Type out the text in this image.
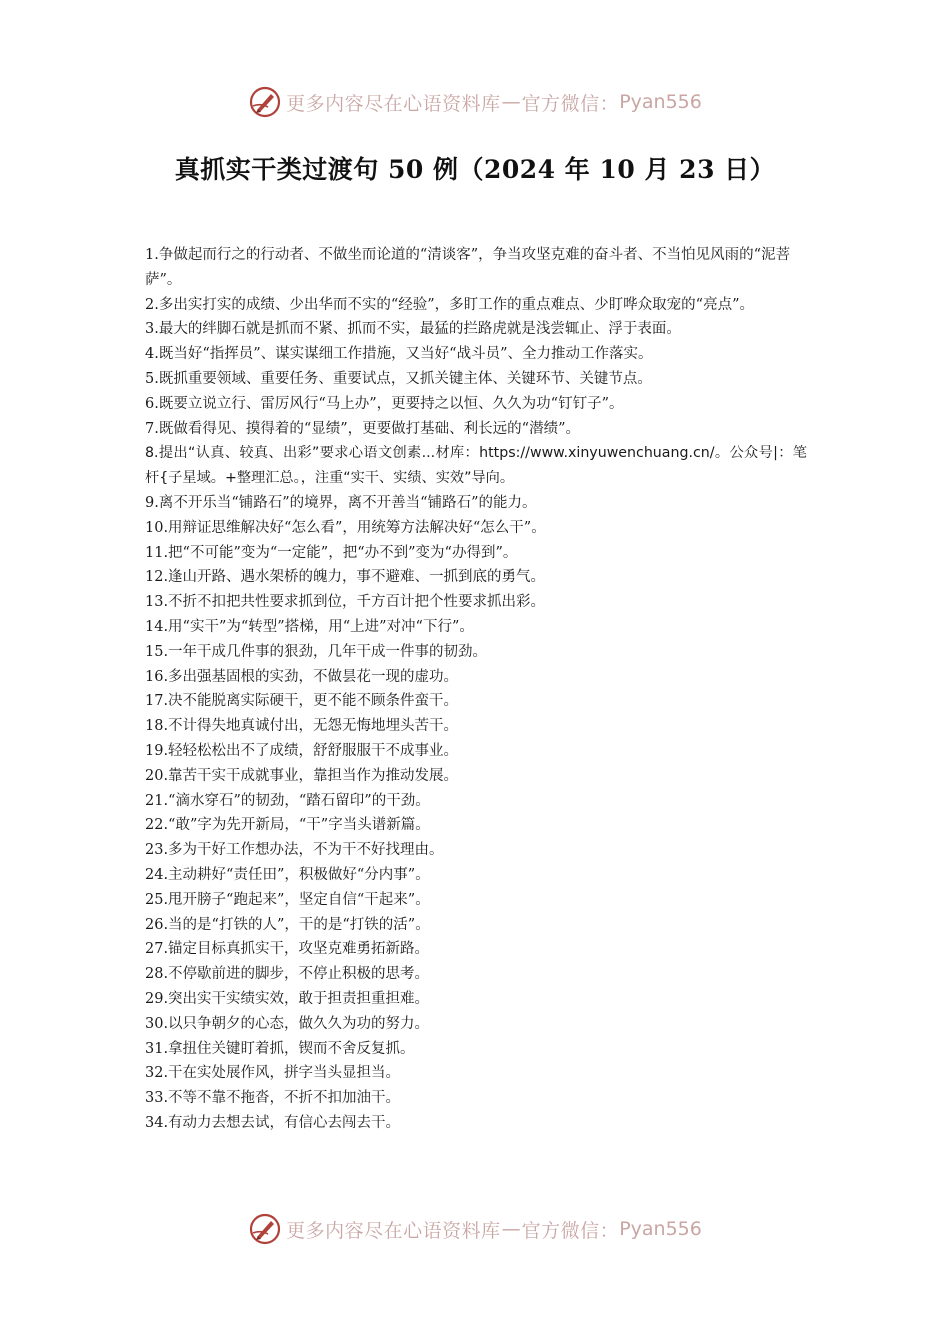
更多内容尽在心语资料库 — 官方微信： Pyan556
真抓实干类过渡句 50 例（2024 年 10 月 23 日）

1.争做起而行之的行动者、不做坐而论道的“清谈客”，争当攻坚克难的奋斗者、不当怕见风雨的“泥菩萨”。

2.多出实打实的成绩、少出华而不实的“经验”，多盯工作的重点难点、少盯哗众取宠的“亮点”。

3.最大的绊脚石就是抓而不紧、抓而不实，最猛的拦路虎就是浅尝辄止、浮于表面。

4.既当好“指挥员”、谋实谋细工作措施，又当好“战斗员”、全力推动工作落实。

5.既抓重要领域、重要任务、重要试点，又抓关键主体、关键环节、关键节点。

6.既要立说立行、雷厉风行“马上办”，更要持之以恒、久久为功“钉钉子”。

7.既做看得见、摸得着的“显绩”，更要做打基础、利长远的“潜绩”。

8.提出“认真、较真、出彩”要求心语文创素...材库：https://www.xinyuwenchuang.cn/。公众号|：笔杆{子星域。+整理汇总。，注重“实干、实绩、实效”导向。

9.离不开乐当“铺路石”的境界，离不开善当“铺路石”的能力。

10.用辩证思维解决好“怎么看”，用统筹方法解决好“怎么干”。

11.把“不可能”变为“一定能”，把“办不到”变为“办得到”。

12.逢山开路、遇水架桥的魄力，事不避难、一抓到底的勇气。

13.不折不扣把共性要求抓到位，千方百计把个性要求抓出彩。

14.用“实干”为“转型”搭梯，用“上进”对冲“下行”。

15.一年干成几件事的狠劲，几年干成一件事的韧劲。

16.多出强基固根的实劲，不做昙花一现的虚功。

17.决不能脱离实际硬干，更不能不顾条件蛮干。

18.不计得失地真诚付出，无怨无悔地埋头苦干。

19.轻轻松松出不了成绩，舒舒服服干不成事业。

20.靠苦干实干成就事业，靠担当作为推动发展。

21.“滴水穿石”的韧劲，“踏石留印”的干劲。

22.“敢”字为先开新局，“干”字当头谱新篇。

23.多为干好工作想办法，不为干不好找理由。

24.主动耕好“责任田”，积极做好“分内事”。

25.甩开膀子“跑起来”，坚定自信“干起来”。

26.当的是“打铁的人”，干的是“打铁的活”。

27.锚定目标真抓实干，攻坚克难勇拓新路。

28.不停歇前进的脚步，不停止积极的思考。

29.突出实干实绩实效，敢于担责担重担难。

30.以只争朝夕的心态，做久久为功的努力。

31.拿扭住关键盯着抓，锲而不舍反复抓。

32.干在实处展作风，拼字当头显担当。

33.不等不靠不拖沓，不折不扣加油干。

34.有动力去想去试，有信心去闯去干。

更多内容尽在心语资料库 — 官方微信： Pyan556
